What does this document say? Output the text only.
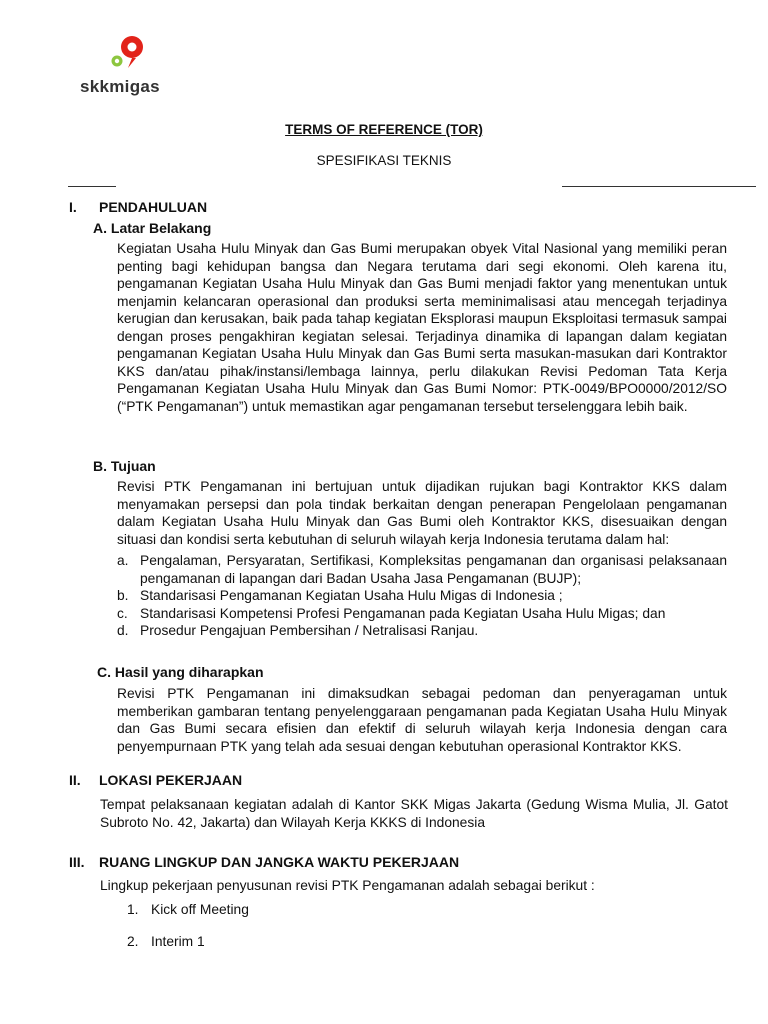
skkmigas
TERMS OF REFERENCE (TOR)
SPESIFIKASI TEKNIS
I. PENDAHULUAN
A. Latar Belakang
Kegiatan Usaha Hulu Minyak dan Gas Bumi merupakan obyek Vital Nasional yang memiliki peran penting bagi kehidupan bangsa dan Negara terutama dari segi ekonomi. Oleh karena itu, pengamanan Kegiatan Usaha Hulu Minyak dan Gas Bumi menjadi faktor yang menentukan untuk menjamin kelancaran operasional dan produksi serta meminimalisasi atau mencegah terjadinya kerugian dan kerusakan, baik pada tahap kegiatan Eksplorasi maupun Eksploitasi termasuk sampai dengan proses pengakhiran kegiatan selesai. Terjadinya dinamika di lapangan dalam kegiatan pengamanan Kegiatan Usaha Hulu Minyak dan Gas Bumi serta masukan-masukan dari Kontraktor KKS dan/atau pihak/instansi/lembaga lainnya, perlu dilakukan Revisi Pedoman Tata Kerja Pengamanan Kegiatan Usaha Hulu Minyak dan Gas Bumi Nomor: PTK-0049/BPO0000/2012/SO (“PTK Pengamanan”) untuk memastikan agar pengamanan tersebut terselenggara lebih baik.
B. Tujuan
Revisi PTK Pengamanan ini bertujuan untuk dijadikan rujukan bagi Kontraktor KKS dalam menyamakan persepsi dan pola tindak berkaitan dengan penerapan Pengelolaan pengamanan dalam Kegiatan Usaha Hulu Minyak dan Gas Bumi oleh Kontraktor KKS, disesuaikan dengan situasi dan kondisi serta kebutuhan di seluruh wilayah kerja Indonesia terutama dalam hal:
a. Pengalaman, Persyaratan, Sertifikasi, Kompleksitas pengamanan dan organisasi pelaksanaan pengamanan di lapangan dari Badan Usaha Jasa Pengamanan (BUJP);
b. Standarisasi Pengamanan Kegiatan Usaha Hulu Migas di Indonesia ;
c. Standarisasi Kompetensi Profesi Pengamanan pada Kegiatan Usaha Hulu Migas; dan
d. Prosedur Pengajuan Pembersihan / Netralisasi Ranjau.
C. Hasil yang diharapkan
Revisi PTK Pengamanan ini dimaksudkan sebagai pedoman dan penyeragaman untuk memberikan gambaran tentang penyelenggaraan pengamanan pada Kegiatan Usaha Hulu Minyak dan Gas Bumi secara efisien dan efektif di seluruh wilayah kerja Indonesia dengan cara penyempurnaan PTK yang telah ada sesuai dengan kebutuhan operasional Kontraktor KKS.
II. LOKASI PEKERJAAN
Tempat pelaksanaan kegiatan adalah di Kantor SKK Migas Jakarta (Gedung Wisma Mulia, Jl. Gatot Subroto No. 42, Jakarta) dan Wilayah Kerja KKKS di Indonesia
III. RUANG LINGKUP DAN JANGKA WAKTU PEKERJAAN
Lingkup pekerjaan penyusunan revisi PTK Pengamanan adalah sebagai berikut :
1. Kick off Meeting
2. Interim 1
